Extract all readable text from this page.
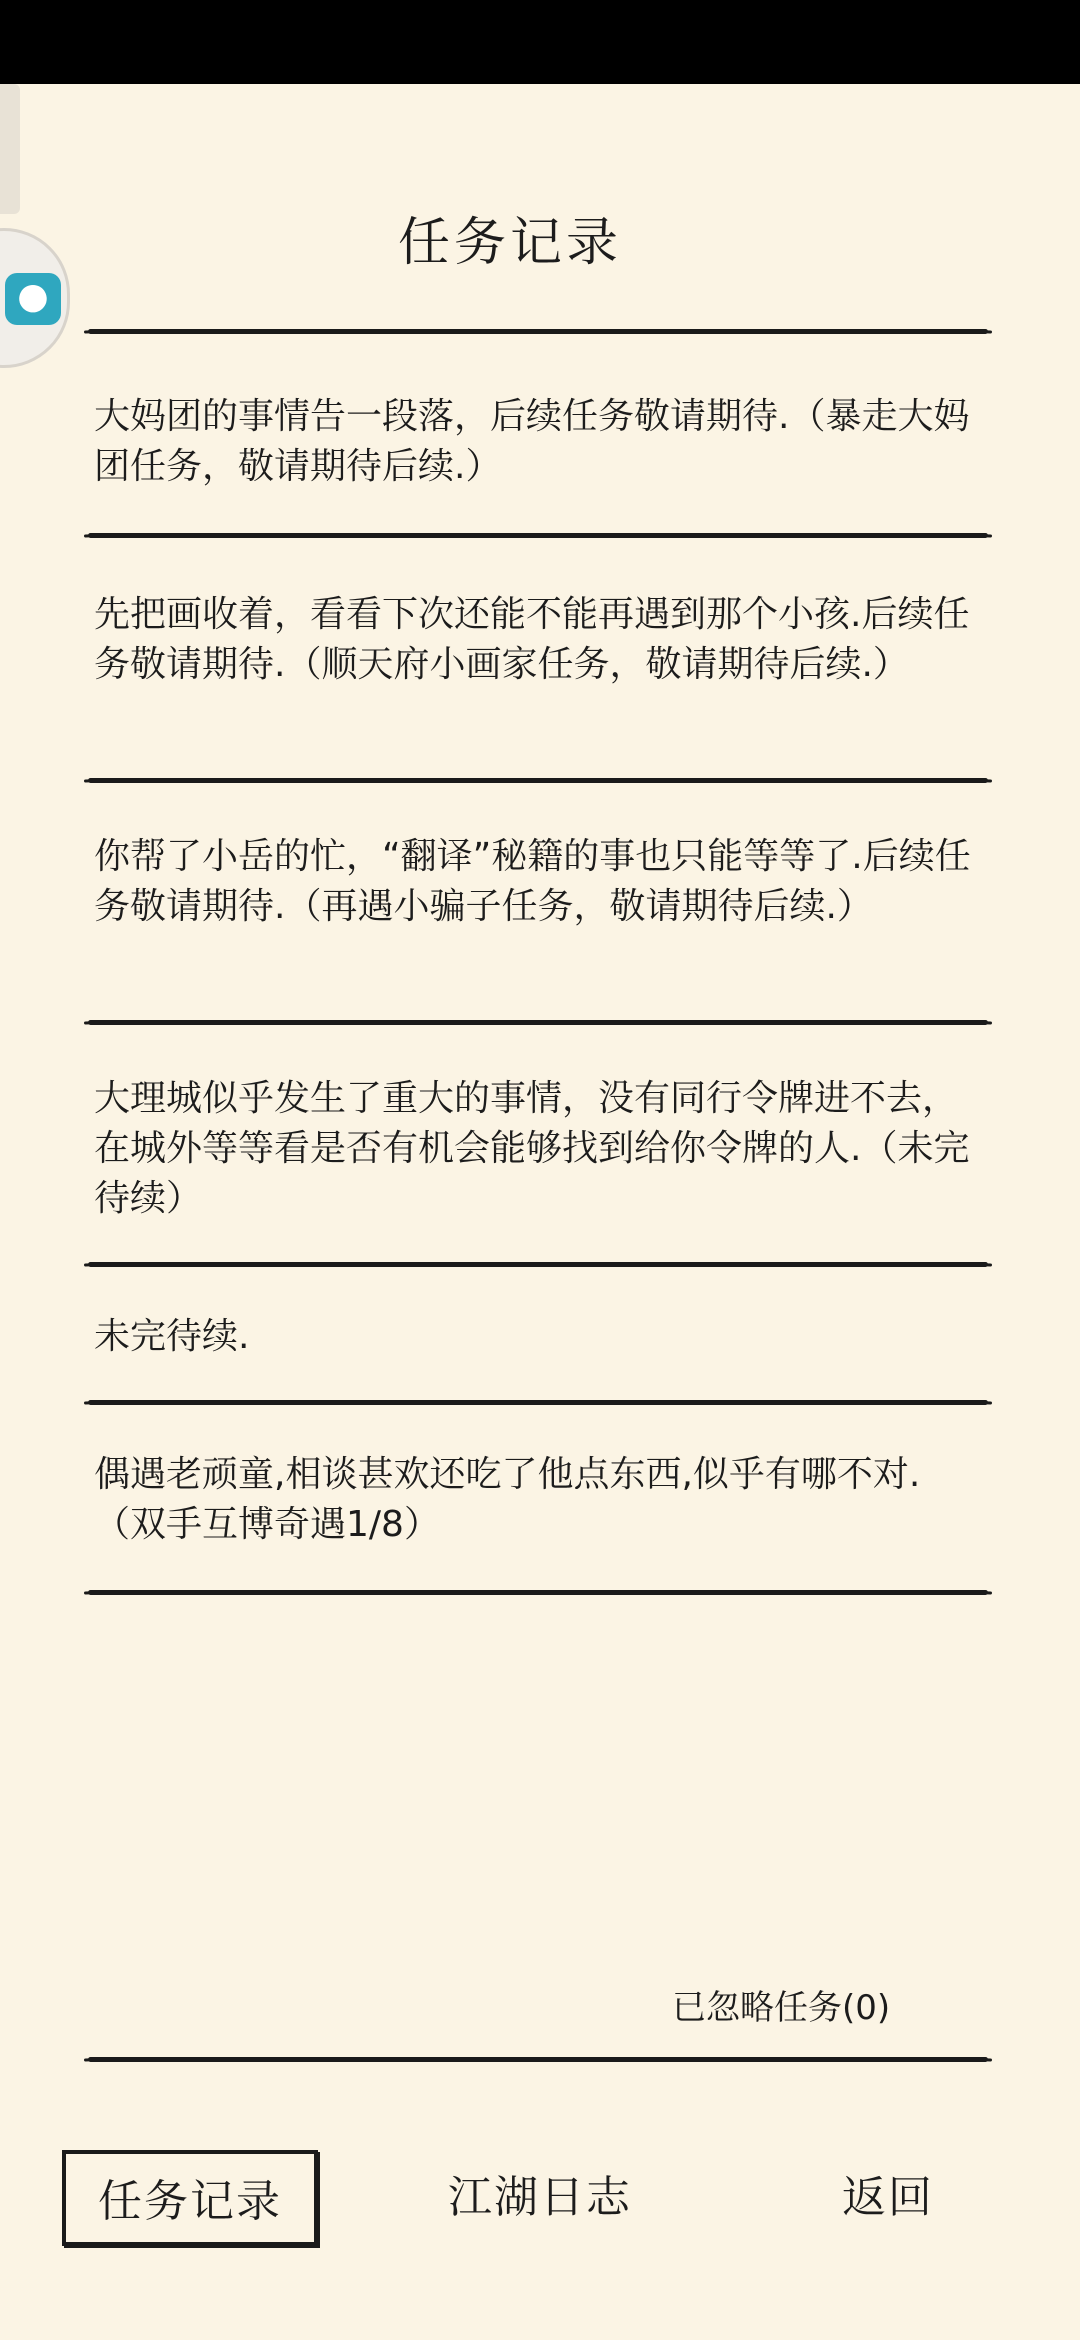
●
任务记录
大妈团的事情告一段落，后续任务敬请期待.（暴走大妈团任务，敬请期待后续.）
先把画收着，看看下次还能不能再遇到那个小孩.后续任务敬请期待.（顺天府小画家任务，敬请期待后续.）
你帮了小岳的忙，“翻译”秘籍的事也只能等等了.后续任务敬请期待.（再遇小骗子任务，敬请期待后续.）
大理城似乎发生了重大的事情，没有同行令牌进不去，在城外等等看是否有机会能够找到给你令牌的人.（未完待续）
未完待续.
偶遇老顽童,相谈甚欢还吃了他点东西,似乎有哪不对.（双手互博奇遇1/8）
已忽略任务(0)
任务记录	江湖日志	返回
